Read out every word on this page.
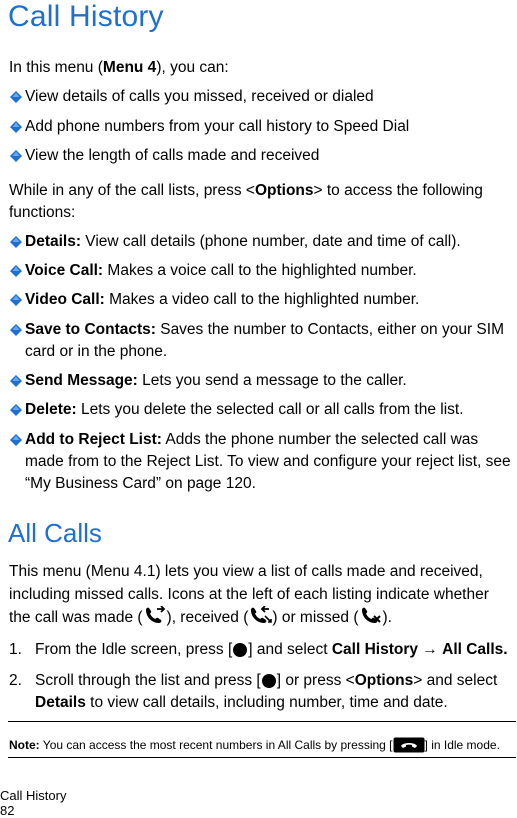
Call History
In this menu (Menu 4), you can:
View details of calls you missed, received or dialed
Add phone numbers from your call history to Speed Dial
View the length of calls made and received
While in any of the call lists, press <Options> to access the following functions:
Details: View call details (phone number, date and time of call).
Voice Call: Makes a voice call to the highlighted number.
Video Call: Makes a video call to the highlighted number.
Save to Contacts: Saves the number to Contacts, either on your SIM card or in the phone.
Send Message: Lets you send a message to the caller.
Delete: Lets you delete the selected call or all calls from the list.
Add to Reject List: Adds the phone number the selected call was made from to the Reject List. To view and configure your reject list, see “My Business Card” on page 120.
All Calls
This menu (Menu 4.1) lets you view a list of calls made and received, including missed calls. Icons at the left of each listing indicate whether the call was made ( ), received ( ) or missed ( ).
1. From the Idle screen, press [ ] and select Call History → All Calls.
2. Scroll through the list and press [ ] or press <Options> and select Details to view call details, including number, time and date.
Note: You can access the most recent numbers in All Calls by pressing [	] in Idle mode.
Call History
82
